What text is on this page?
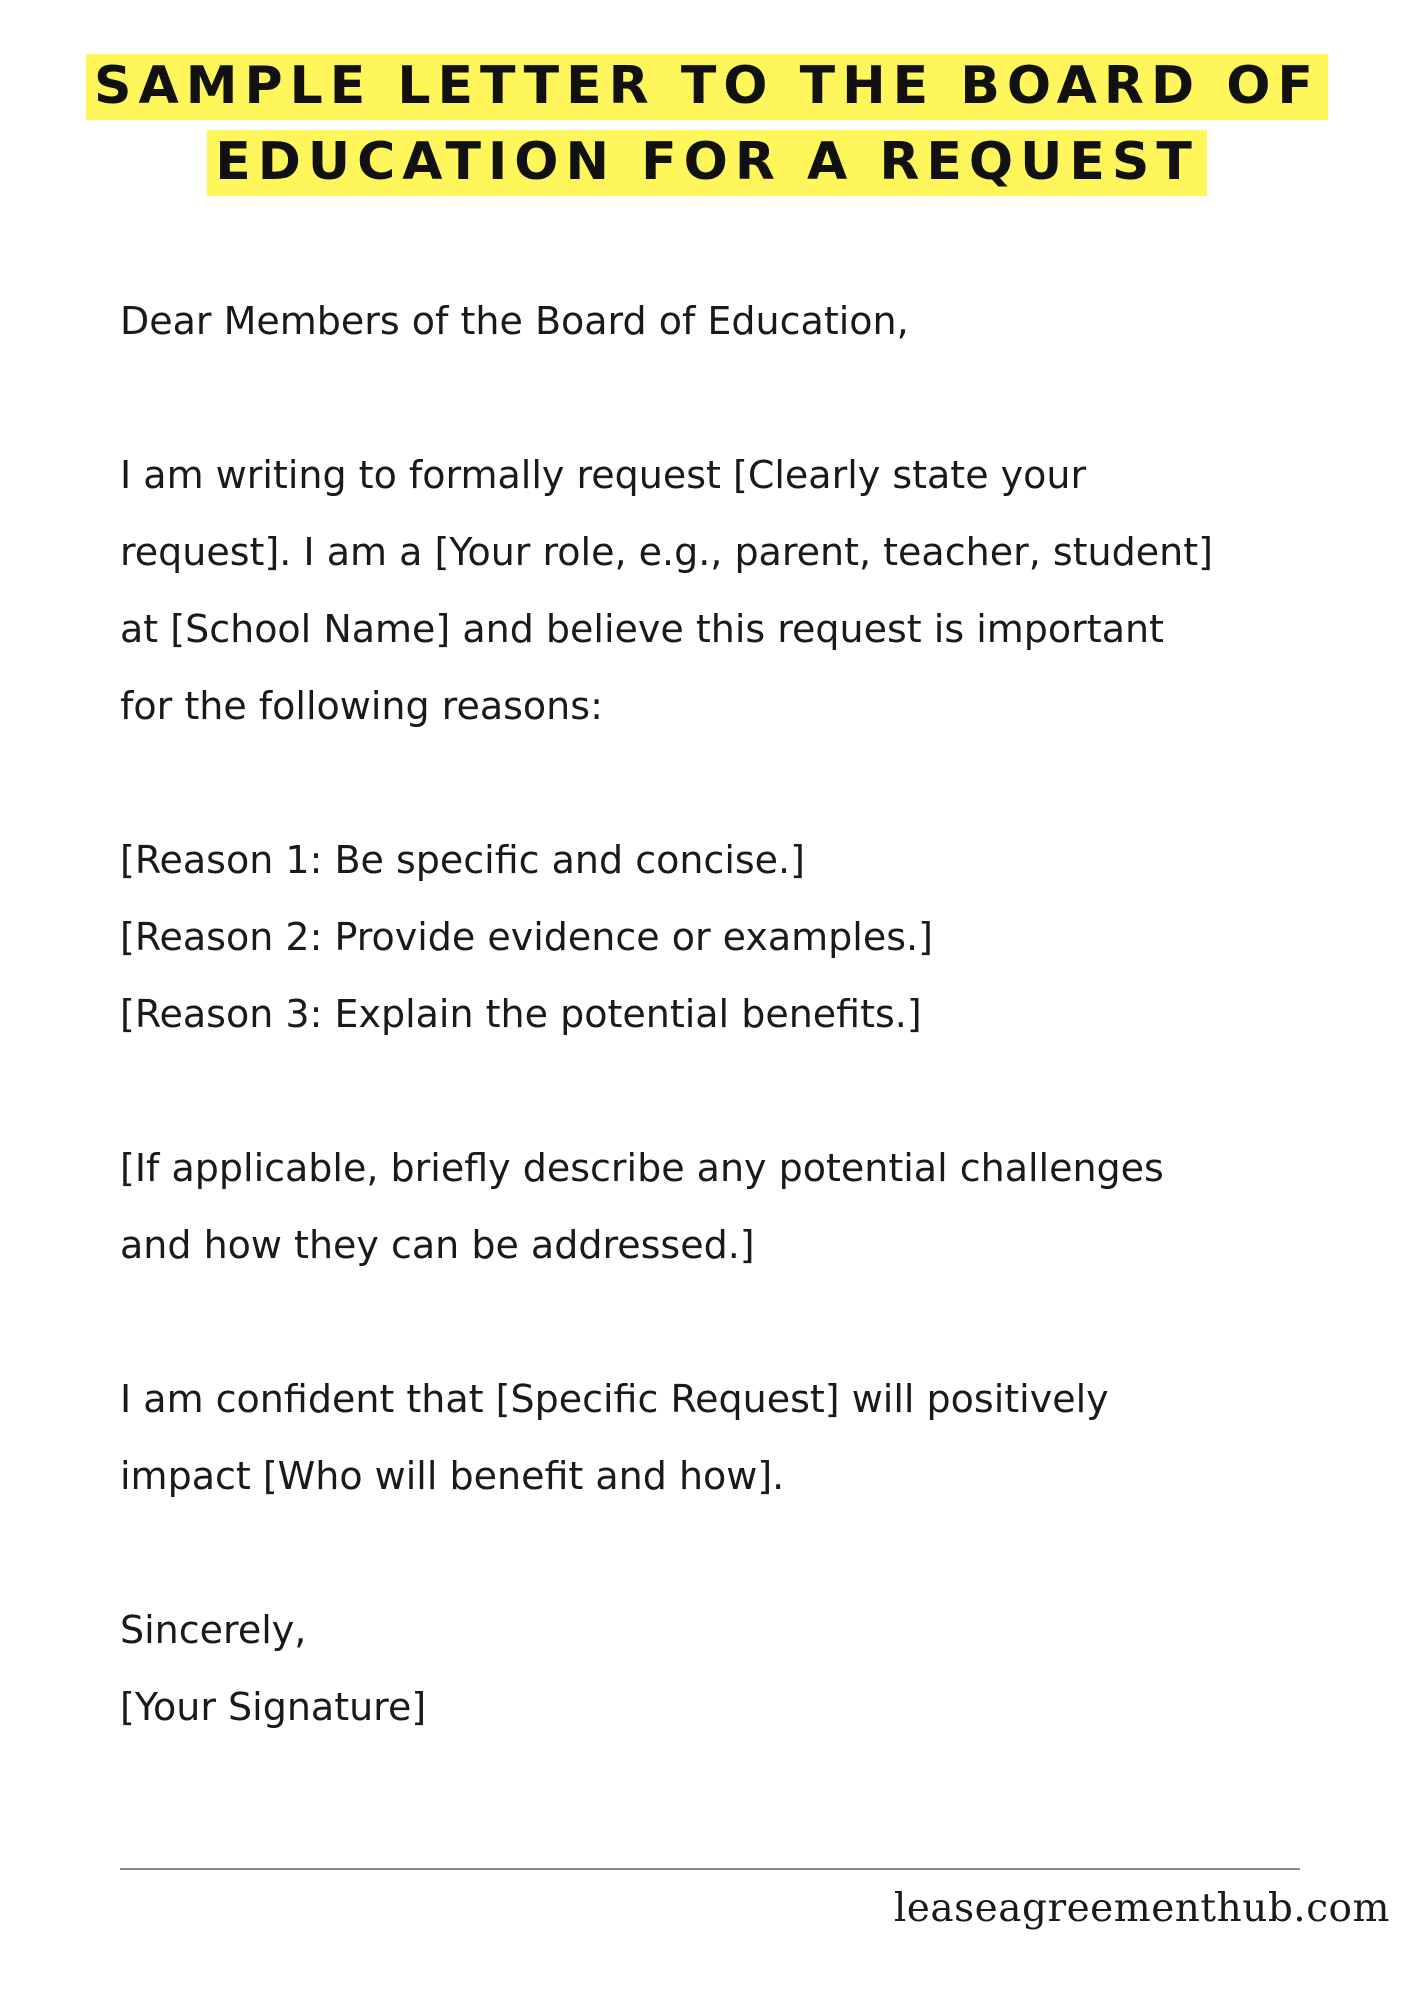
SAMPLE LETTER TO THE BOARD OF
EDUCATION FOR A REQUEST
Dear Members of the Board of Education,
I am writing to formally request [Clearly state your
request]. I am a [Your role, e.g., parent, teacher, student]
at [School Name] and believe this request is important
for the following reasons:
[Reason 1: Be specific and concise.]
[Reason 2: Provide evidence or examples.]
[Reason 3: Explain the potential benefits.]
[If applicable, briefly describe any potential challenges
and how they can be addressed.]
I am confident that [Specific Request] will positively
impact [Who will benefit and how].
Sincerely,
[Your Signature]
leaseagreementhub.com
